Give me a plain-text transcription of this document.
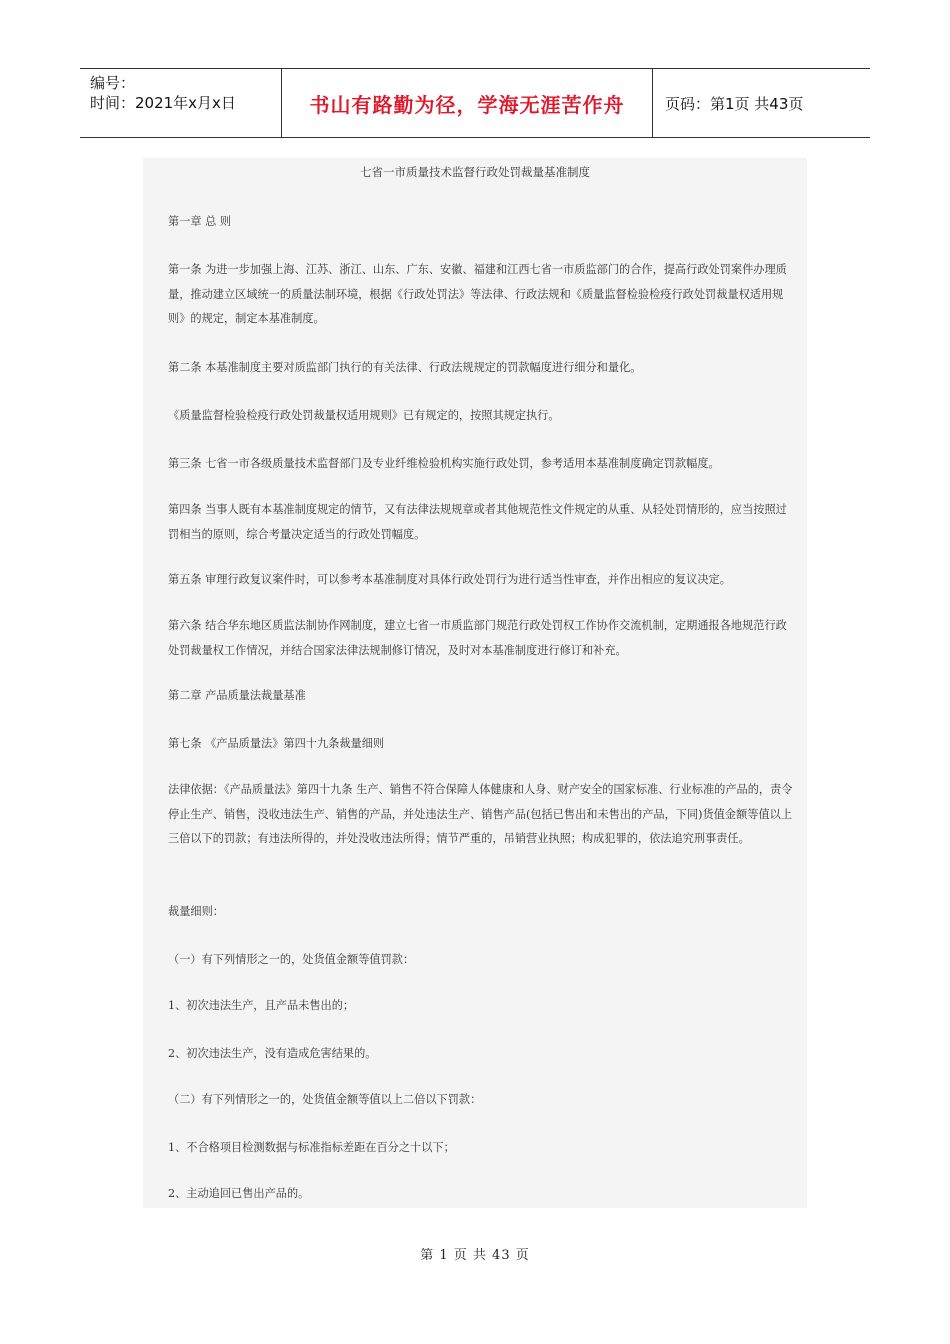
编号：
时间：2021年x月x日	书山有路勤为径，学海无涯苦作舟	页码：第1页 共43页
七省一市质量技术监督行政处罚裁量基准制度

第一章 总 则

第一条 为进一步加强上海、江苏、浙江、山东、广东、安徽、福建和江西七省一市质监部门的合作，提高行政处罚案件办理质量，推动建立区域统一的质量法制环境，根据《行政处罚法》等法律、行政法规和《质量监督检验检疫行政处罚裁量权适用规则》的规定，制定本基准制度。

第二条 本基准制度主要对质监部门执行的有关法律、行政法规规定的罚款幅度进行细分和量化。

《质量监督检验检疫行政处罚裁量权适用规则》已有规定的，按照其规定执行。

第三条 七省一市各级质量技术监督部门及专业纤维检验机构实施行政处罚，参考适用本基准制度确定罚款幅度。

第四条 当事人既有本基准制度规定的情节，又有法律法规规章或者其他规范性文件规定的从重、从轻处罚情形的，应当按照过罚相当的原则，综合考量决定适当的行政处罚幅度。

第五条 审理行政复议案件时，可以参考本基准制度对具体行政处罚行为进行适当性审查，并作出相应的复议决定。

第六条 结合华东地区质监法制协作网制度，建立七省一市质监部门规范行政处罚权工作协作交流机制，定期通报各地规范行政处罚裁量权工作情况，并结合国家法律法规制修订情况，及时对本基准制度进行修订和补充。

第二章 产品质量法裁量基准

第七条 《产品质量法》第四十九条裁量细则

法律依据：《产品质量法》第四十九条 生产、销售不符合保障人体健康和人身、财产安全的国家标准、行业标准的产品的，责令停止生产、销售，没收违法生产、销售的产品，并处违法生产、销售产品(包括已售出和未售出的产品，下同)货值金额等值以上三倍以下的罚款；有违法所得的，并处没收违法所得；情节严重的，吊销营业执照；构成犯罪的，依法追究刑事责任。

裁量细则：

（一）有下列情形之一的，处货值金额等值罚款：

1、初次违法生产，且产品未售出的；

2、初次违法生产，没有造成危害结果的。

（二）有下列情形之一的，处货值金额等值以上二倍以下罚款：

1、不合格项目检测数据与标准指标差距在百分之十以下；

2、主动追回已售出产品的。

第 1 页 共 43 页
